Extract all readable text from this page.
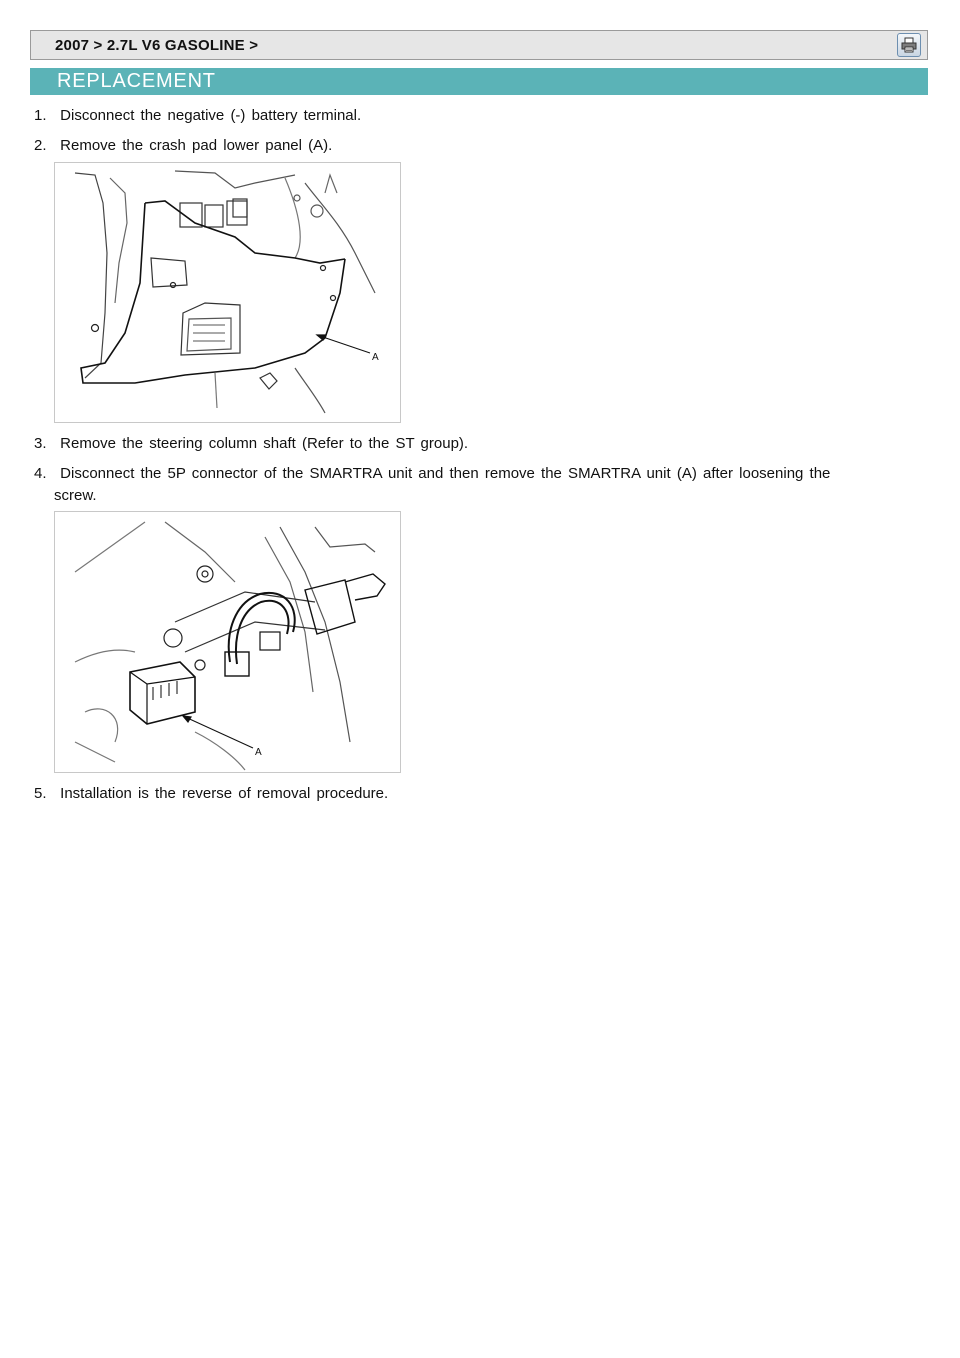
2007 > 2.7L V6 GASOLINE >
REPLACEMENT
1. Disconnect the negative (-) battery terminal.
2. Remove the crash pad lower panel (A).
A
3. Remove the steering column shaft (Refer to the ST group).
4. Disconnect the 5P connector of the SMARTRA unit and then remove the SMARTRA unit (A) after loosening the
screw.
A
5. Installation is the reverse of removal procedure.
